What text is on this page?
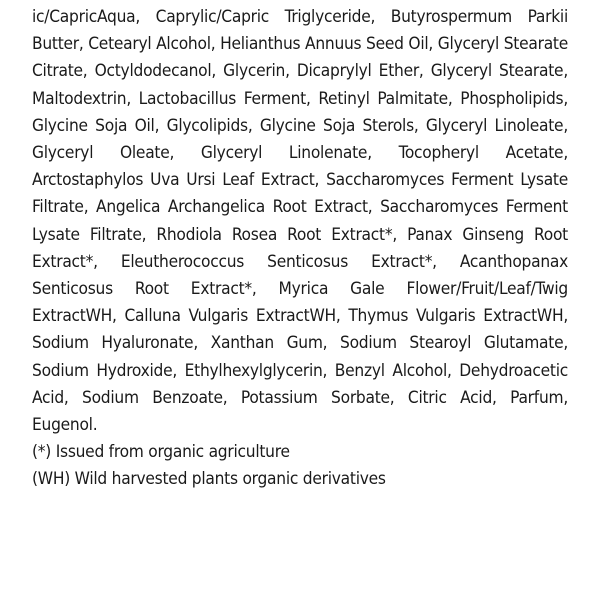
ic/CapricAqua, Caprylic/Capric Triglyceride, Butyrospermum Parkii Butter, Cetearyl Alcohol, Helianthus Annuus Seed Oil, Glyceryl Stearate Citrate, Octyldodecanol, Glycerin, Dicaprylyl Ether, Glyceryl Stearate, Maltodextrin, Lactobacillus Ferment, Retinyl Palmitate, Phospholipids, Glycine Soja Oil, Glycolipids, Glycine Soja Sterols, Glyceryl Linoleate, Glyceryl Oleate, Glyceryl Linolenate, Tocopheryl Acetate, Arctostaphylos Uva Ursi Leaf Extract, Saccharomyces Ferment Lysate Filtrate, Angelica Archangelica Root Extract, Saccharomyces Ferment Lysate Filtrate, Rhodiola Rosea Root Extract*, Panax Ginseng Root Extract*, Eleutherococcus Senticosus Extract*, Acanthopanax Senticosus Root Extract*, Myrica Gale Flower/Fruit/Leaf/Twig ExtractWH, Calluna Vulgaris ExtractWH, Thymus Vulgaris ExtractWH, Sodium Hyaluronate, Xanthan Gum, Sodium Stearoyl Glutamate, Sodium Hydroxide, Ethylhexylglycerin, Benzyl Alcohol, Dehydroacetic Acid, Sodium Benzoate, Potassium Sorbate, Citric Acid, Parfum, Eugenol.

(*) Issued from organic agriculture
(WH) Wild harvested plants organic derivatives
